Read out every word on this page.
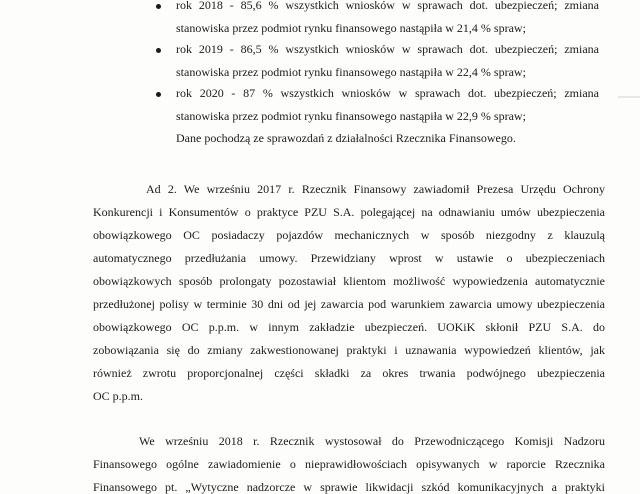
rok 2018 - 85,6 % wszystkich wniosków w sprawach dot. ubezpieczeń; zmiana
stanowiska przez podmiot rynku finansowego nastąpiła w 21,4 % spraw;
rok 2019 - 86,5 % wszystkich wniosków w sprawach dot. ubezpieczeń; zmiana
stanowiska przez podmiot rynku finansowego nastąpiła w 22,4 % spraw;
rok 2020 - 87 % wszystkich wniosków w sprawach dot. ubezpieczeń; zmiana
stanowiska przez podmiot rynku finansowego nastąpiła w 22,9 % spraw;
Dane pochodzą ze sprawozdań z działalności Rzecznika Finansowego.
Ad 2. We wrześniu 2017 r. Rzecznik Finansowy zawiadomił Prezesa Urzędu Ochrony
Konkurencji i Konsumentów o praktyce PZU S.A. polegającej na odnawianiu umów ubezpieczenia
obowiązkowego OC posiadaczy pojazdów mechanicznych w sposób niezgodny z klauzulą
automatycznego przedłużania umowy. Przewidziany wprost w ustawie o ubezpieczeniach
obowiązkowych sposób prolongaty pozostawiał klientom możliwość wypowiedzenia automatycznie
przedłużonej polisy w terminie 30 dni od jej zawarcia pod warunkiem zawarcia umowy ubezpieczenia
obowiązkowego OC p.p.m. w innym zakładzie ubezpieczeń. UOKiK skłonił PZU S.A. do
zobowiązania się do zmiany zakwestionowanej praktyki i uznawania wypowiedzeń klientów, jak
również zwrotu proporcjonalnej części składki za okres trwania podwójnego ubezpieczenia
OC p.p.m.
We wrześniu 2018 r. Rzecznik wystosował do Przewodniczącego Komisji Nadzoru
Finansowego ogólne zawiadomienie o nieprawidłowościach opisywanych w raporcie Rzecznika
Finansowego pt. „Wytyczne nadzorcze w sprawie likwidacji szkód komunikacyjnych a praktyki
